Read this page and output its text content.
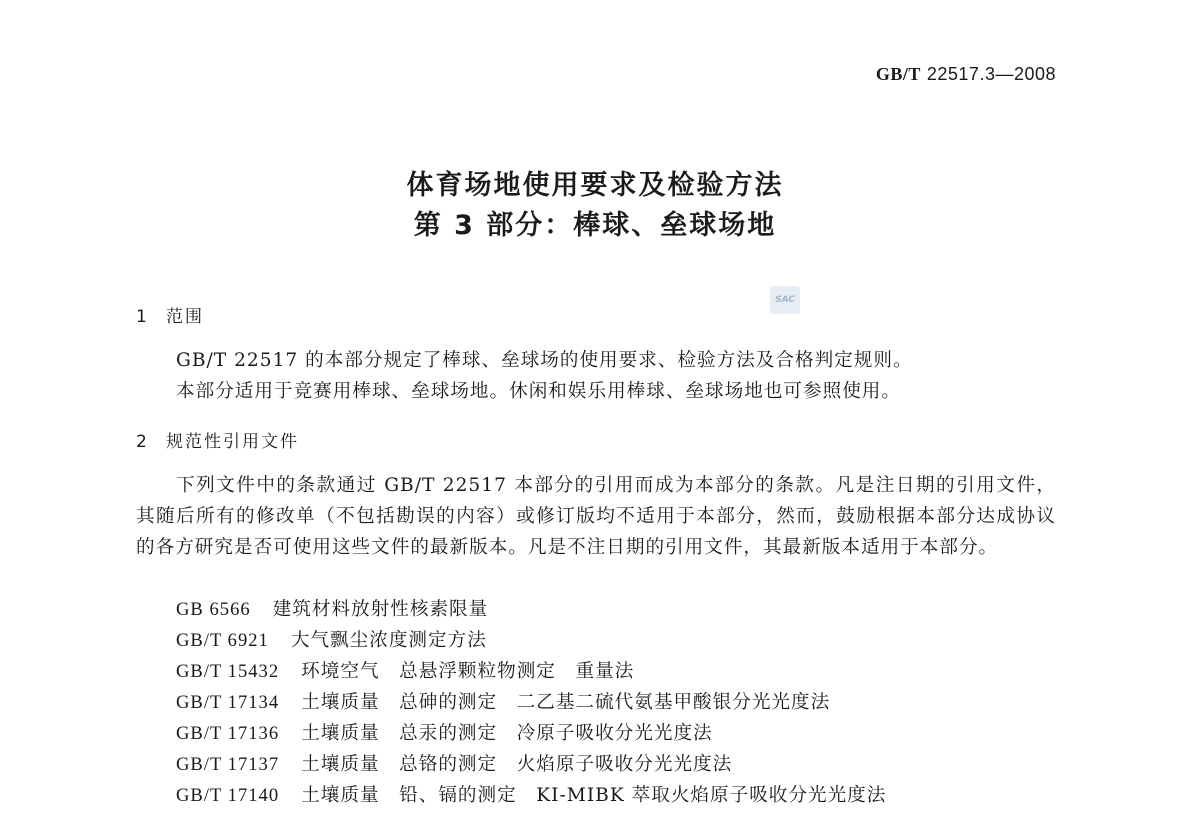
GB/T 22517.3—2008
体育场地使用要求及检验方法
第 3 部分：棒球、垒球场地
SAC
1 范围

GB/T 22517 的本部分规定了棒球、垒球场的使用要求、检验方法及合格判定规则。

本部分适用于竞赛用棒球、垒球场地。休闲和娱乐用棒球、垒球场地也可参照使用。

2 规范性引用文件

下列文件中的条款通过 GB/T 22517 本部分的引用而成为本部分的条款。凡是注日期的引用文件，其随后所有的修改单（不包括勘误的内容）或修订版均不适用于本部分，然而，鼓励根据本部分达成协议的各方研究是否可使用这些文件的最新版本。凡是不注日期的引用文件，其最新版本适用于本部分。

GB 6566 建筑材料放射性核素限量
GB/T 6921 大气飘尘浓度测定方法
GB/T 15432 环境空气　总悬浮颗粒物测定　重量法
GB/T 17134 土壤质量　总砷的测定　二乙基二硫代氨基甲酸银分光光度法
GB/T 17136 土壤质量　总汞的测定　冷原子吸收分光光度法
GB/T 17137 土壤质量　总铬的测定　火焰原子吸收分光光度法
GB/T 17140 土壤质量　铅、镉的测定　KI-MIBK 萃取火焰原子吸收分光光度法
